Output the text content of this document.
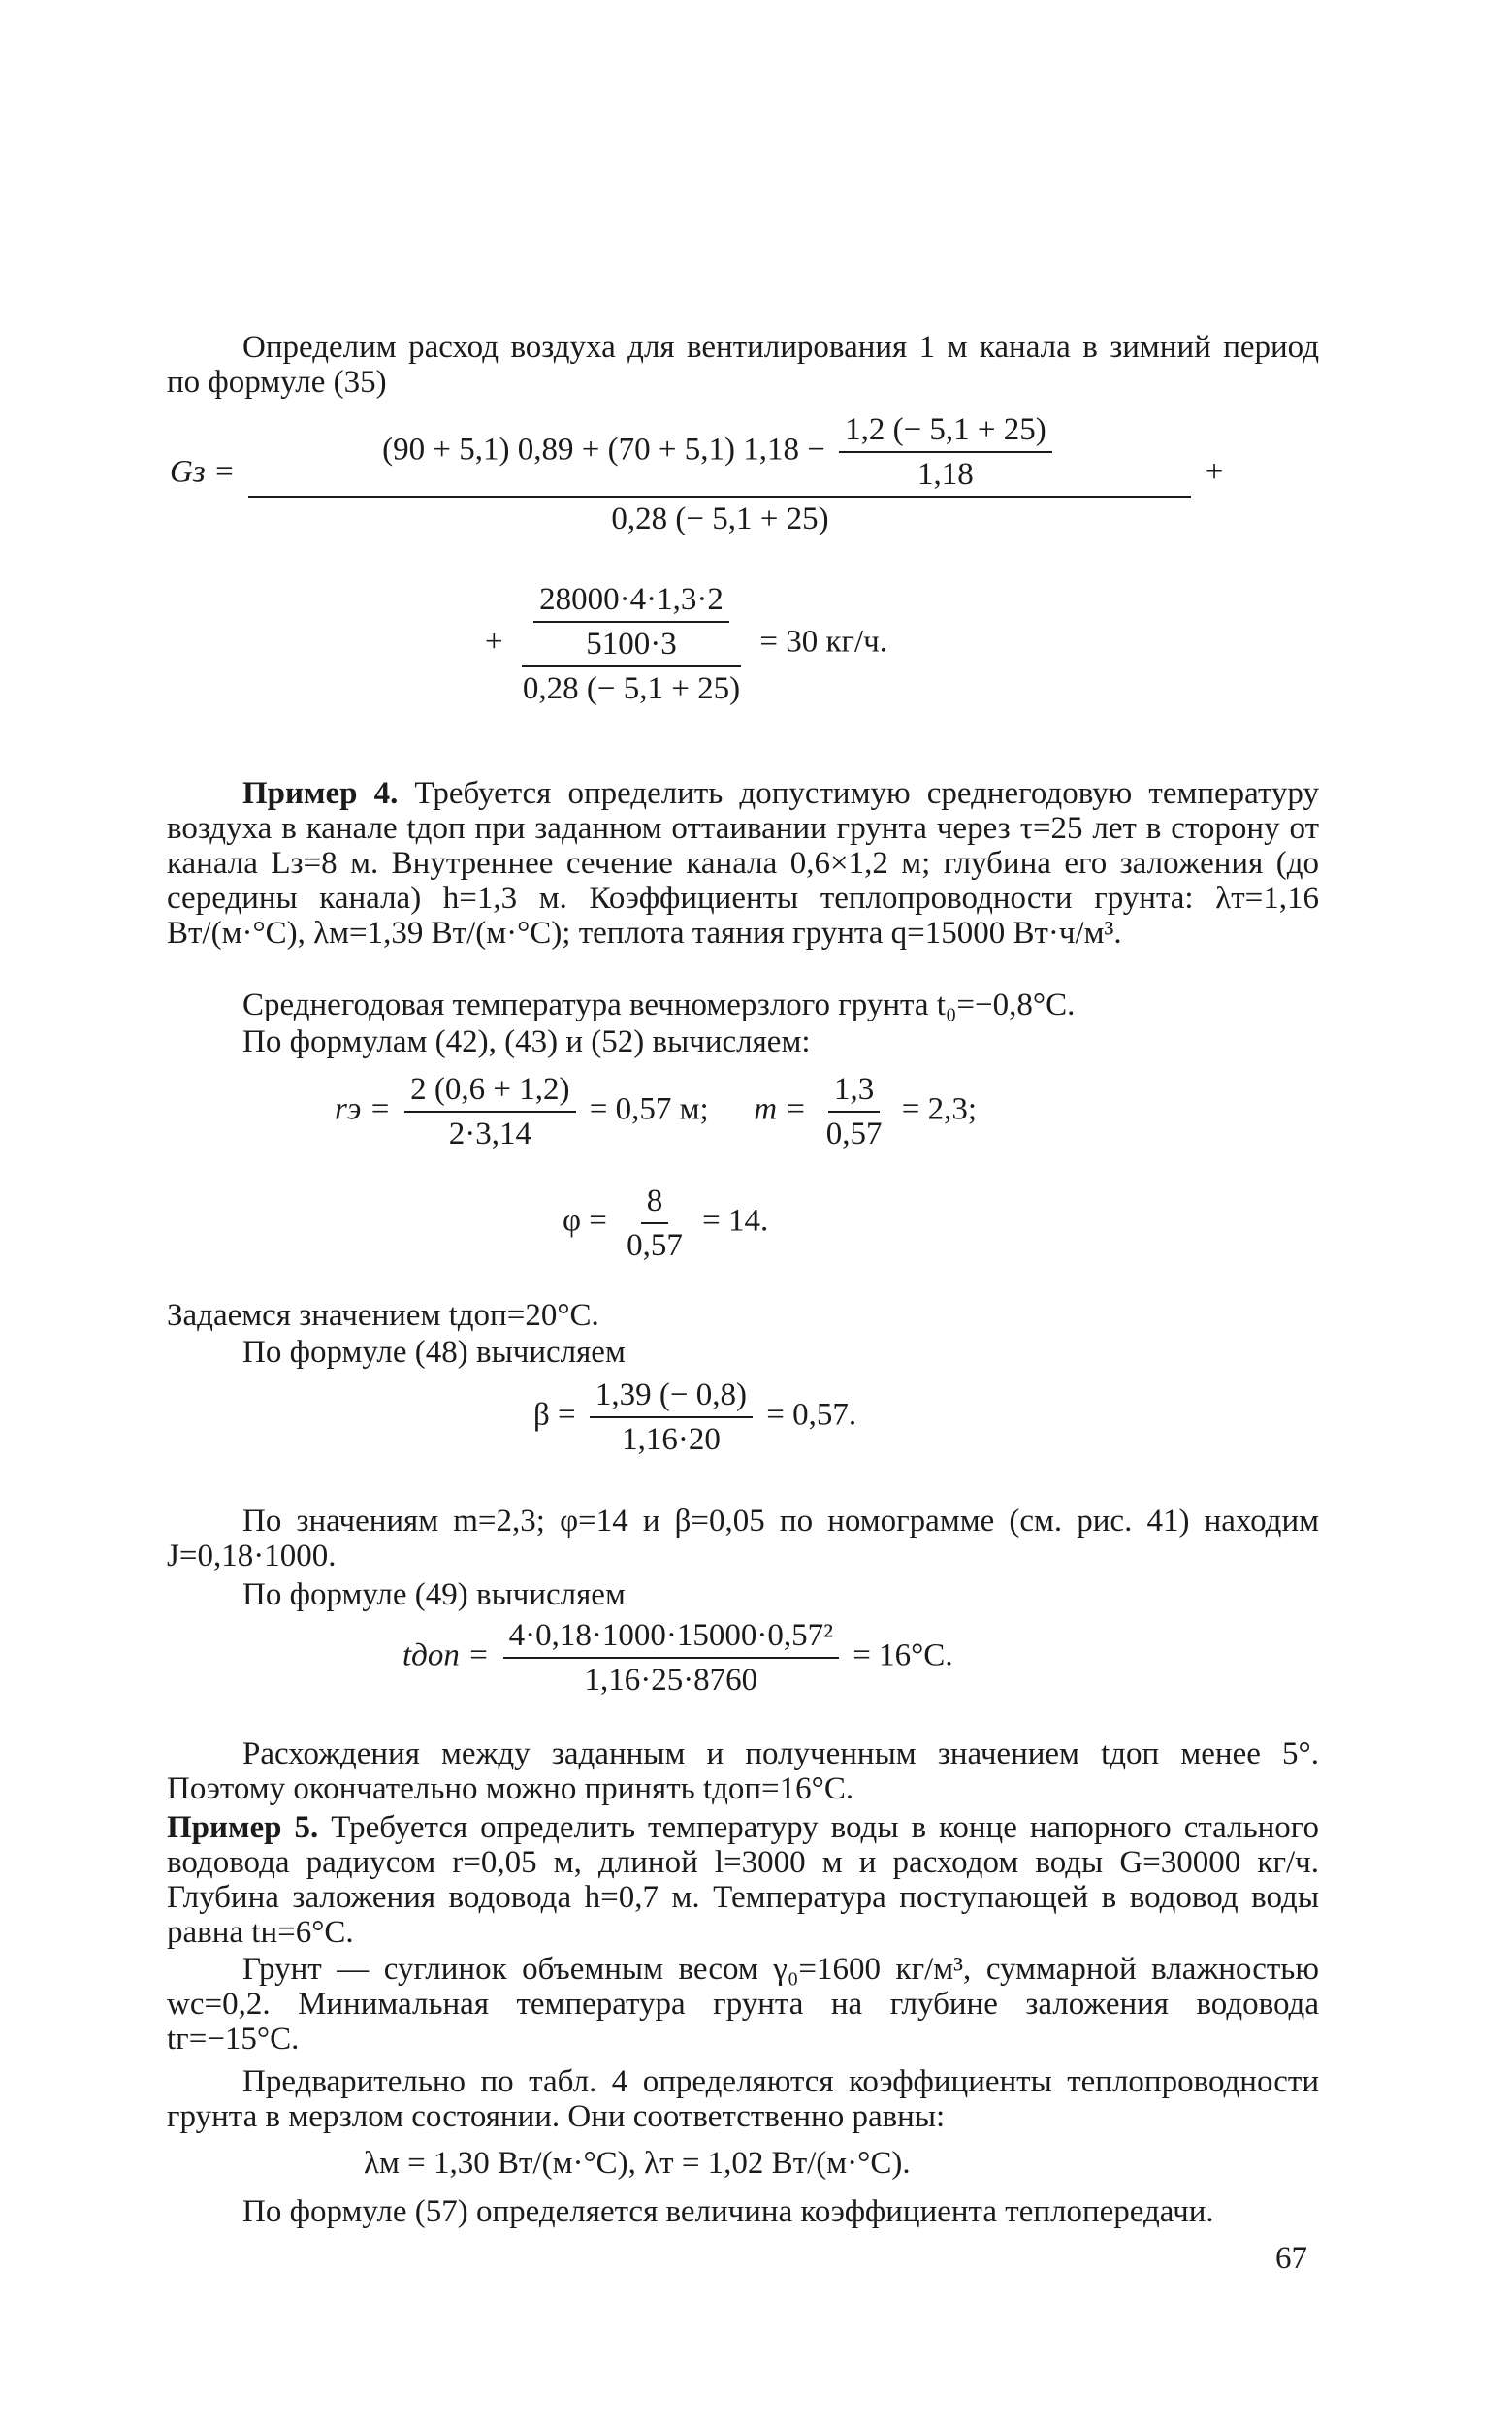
Определим расход воздуха для вентилирования 1 м канала в зимний период по формуле (35)
Gз =
(90 + 5,1) 0,89 + (70 + 5,1) $1,18 - \frac{1,2 (- 5,1 + 25)}{1,18}$
0,28 (− 5,1 + 25)
+
+ $\frac{\frac{28000\cdot 4\cdot 1,3\cdot 2}{5100\cdot 3}}{0,28 (- 5,1 + 25)} = 30$ кг/ч.
Пример 4. Требуется определить допустимую среднегодовую температуру воздуха в канале tдоп при заданном оттаивании грунта через τ=25 лет в сторону от канала Lз=8 м. Внутреннее сечение канала 0,6×1,2 м; глубина его заложения (до середины канала) h=1,3 м. Коэффициенты теплопроводности грунта: λт=1,16 Вт/(м·°С), λм=1,39 Вт/(м·°С); теплота таяния грунта q=15000 Вт·ч/м³.
Среднегодовая температура вечномерзлого грунта t₀=−0,8°С.
По формулам (42), (43) и (52) вычисляем:
rэ = $\frac{2 (0,6 + 1,2)}{2\cdot 3,14} = 0,57$ м; $m = \frac{1,3}{0,57} = 2,3$;
$\varphi = \frac{8}{0,57} = 14$.
Задаемся значением tдоп=20°С.
По формуле (48) вычисляем
$\beta = \frac{1,39 (- 0,8)}{1,16\cdot 20} = 0,57$.
По значениям m=2,3; φ=14 и β=0,05 по номограмме (см. рис. 41) находим J=0,18·1000.
По формуле (49) вычисляем
tдоп = $\frac{\text{4·0,18·1000·15000·0,57²}}{1,16\cdot 25\cdot 8760} = 16^\circ С$.
Расхождения между заданным и полученным значением tдоп менее 5°. Поэтому окончательно можно принять tдоп=16°С.
Пример 5. Требуется определить температуру воды в конце напорного стального водовода радиусом r=0,05 м, длиной l=3000 м и расходом воды G=30000 кг/ч. Глубина заложения водовода h=0,7 м. Температура поступающей в водовод воды равна tн=6°С.
Грунт — суглинок объемным весом γ₀=1600 кг/м³, суммарной влажностью wс=0,2. Минимальная температура грунта на глубине заложения водовода tг=−15°С.
Предварительно по табл. 4 определяются коэффициенты теплопроводности грунта в мерзлом состоянии. Они соответственно равны:
λм = 1,30 Вт/(м·°С), λт = 1,02 Вт/(м·°С).
По формуле (57) определяется величина коэффициента теплопередачи.
67
